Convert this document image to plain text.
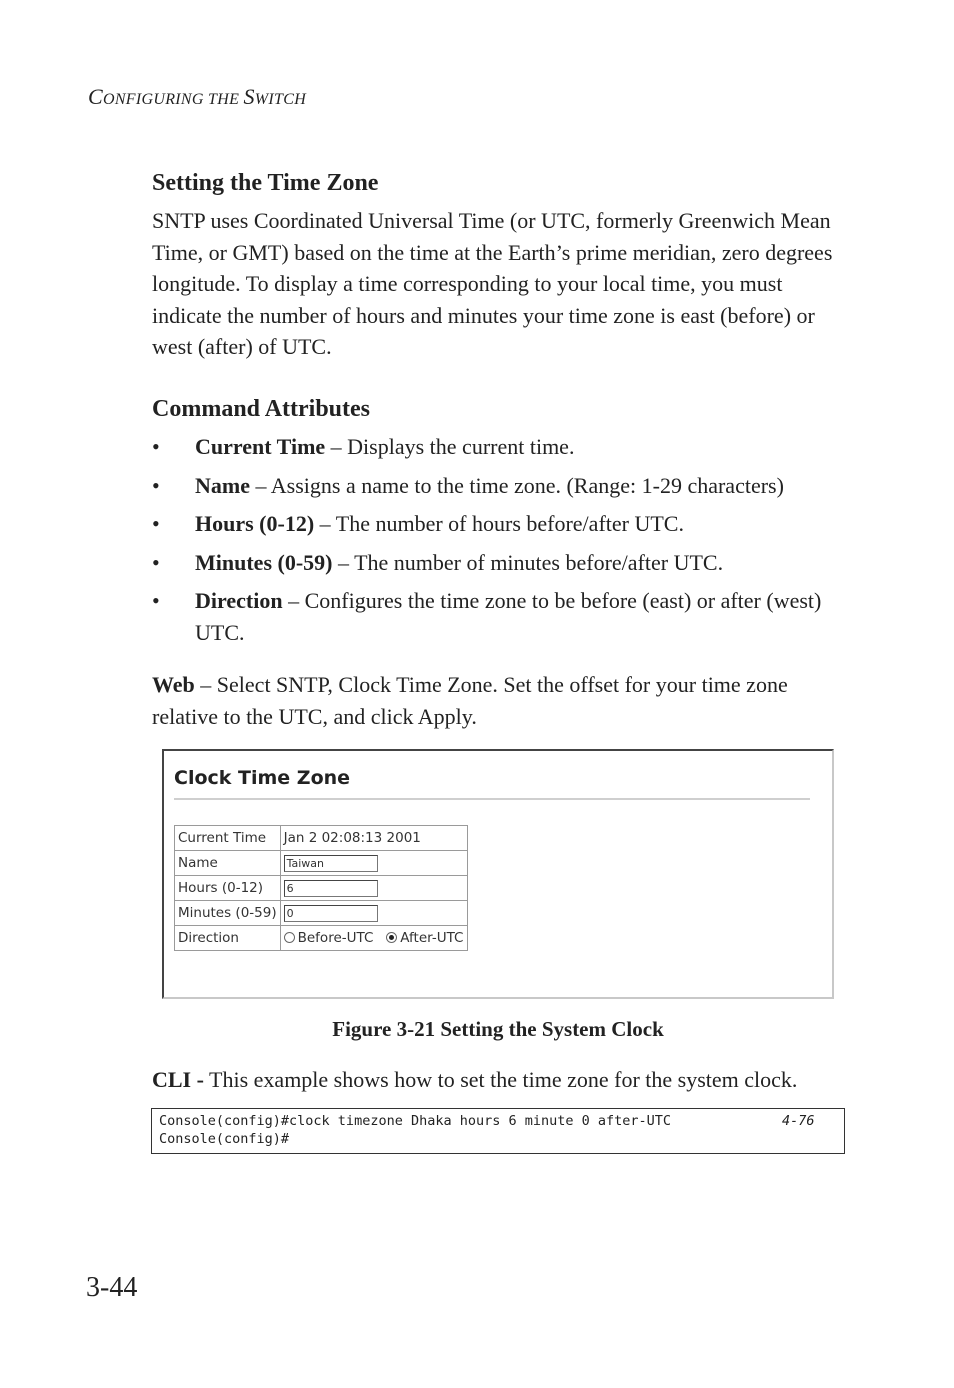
CONFIGURING THE SWITCH
Setting the Time Zone

SNTP uses Coordinated Universal Time (or UTC, formerly Greenwich Mean Time, or GMT) based on the time at the Earth’s prime meridian, zero degrees longitude. To display a time corresponding to your local time, you must indicate the number of hours and minutes your time zone is east (before) or west (after) of UTC.

Command Attributes
• Current Time – Displays the current time.
• Name – Assigns a name to the time zone. (Range: 1-29 characters)
• Hours (0-12) – The number of hours before/after UTC.
• Minutes (0-59) – The number of minutes before/after UTC.
• Direction – Configures the time zone to be before (east) or after (west) UTC.

Web – Select SNTP, Clock Time Zone. Set the offset for your time zone relative to the UTC, and click Apply.

Clock Time Zone
Current Time	Jan 2 02:08:13 2001
Name	Taiwan
Hours (0-12)	6
Minutes (0-59)	0
Direction	Before-UTC After-UTC
Figure 3-21 Setting the System Clock

CLI - This example shows how to set the time zone for the system clock.

Console(config)#clock timezone Dhaka hours 6 minute 0 after-UTC
Console(config)#
4-76
3-44
